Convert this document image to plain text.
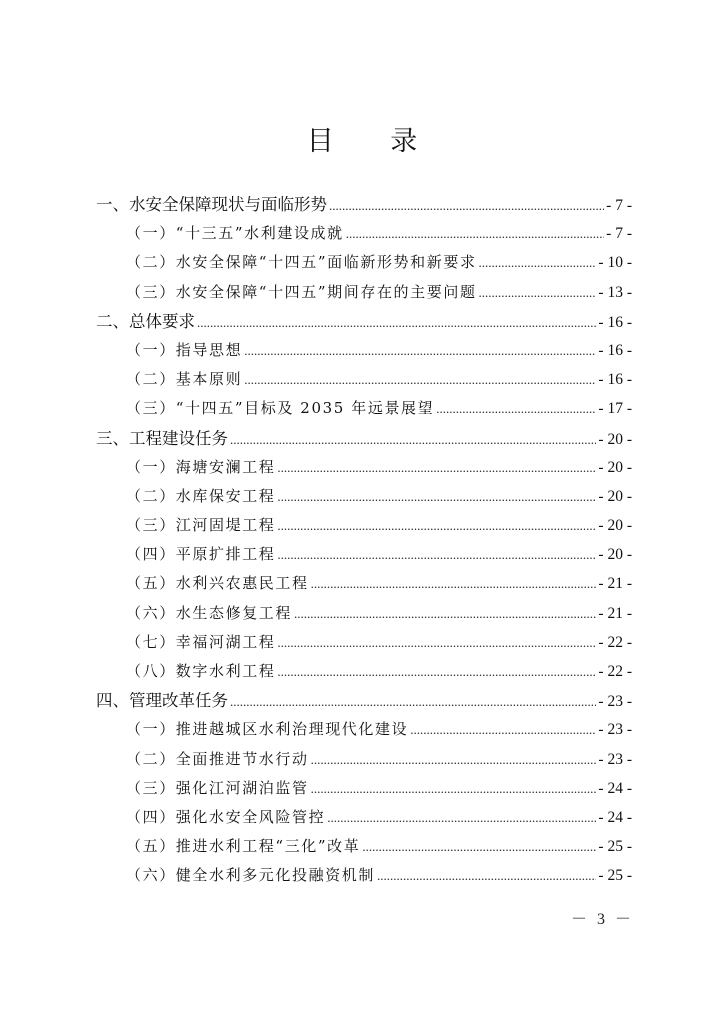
目 录
一、水安全保障现状与面临形势 .....	- 7 -
（一）“十三五”水利建设成就 .....	- 7 -
（二）水安全保障“十四五”面临新形势和新要求 .....	- 10 -
（三）水安全保障“十四五”期间存在的主要问题 .....	- 13 -
二、总体要求 .....	- 16 -
（一）指导思想 .....	- 16 -
（二）基本原则 .....	- 16 -
（三）“十四五”目标及 2035 年远景展望 .....	- 17 -
三、工程建设任务 .....	- 20 -
（一）海塘安澜工程 .....	- 20 -
（二）水库保安工程 .....	- 20 -
（三）江河固堤工程 .....	- 20 -
（四）平原扩排工程 .....	- 20 -
（五）水利兴农惠民工程 .....	- 21 -
（六）水生态修复工程 .....	- 21 -
（七）幸福河湖工程 .....	- 22 -
（八）数字水利工程 .....	- 22 -
四、管理改革任务 .....	- 23 -
（一）推进越城区水利治理现代化建设 .....	- 23 -
（二）全面推进节水行动 .....	- 23 -
（三）强化江河湖泊监管 .....	- 24 -
（四）强化水安全风险管控 .....	- 24 -
（五）推进水利工程“三化”改革 .....	- 25 -
（六）健全水利多元化投融资机制 .....	- 25 -
－ 3 －
